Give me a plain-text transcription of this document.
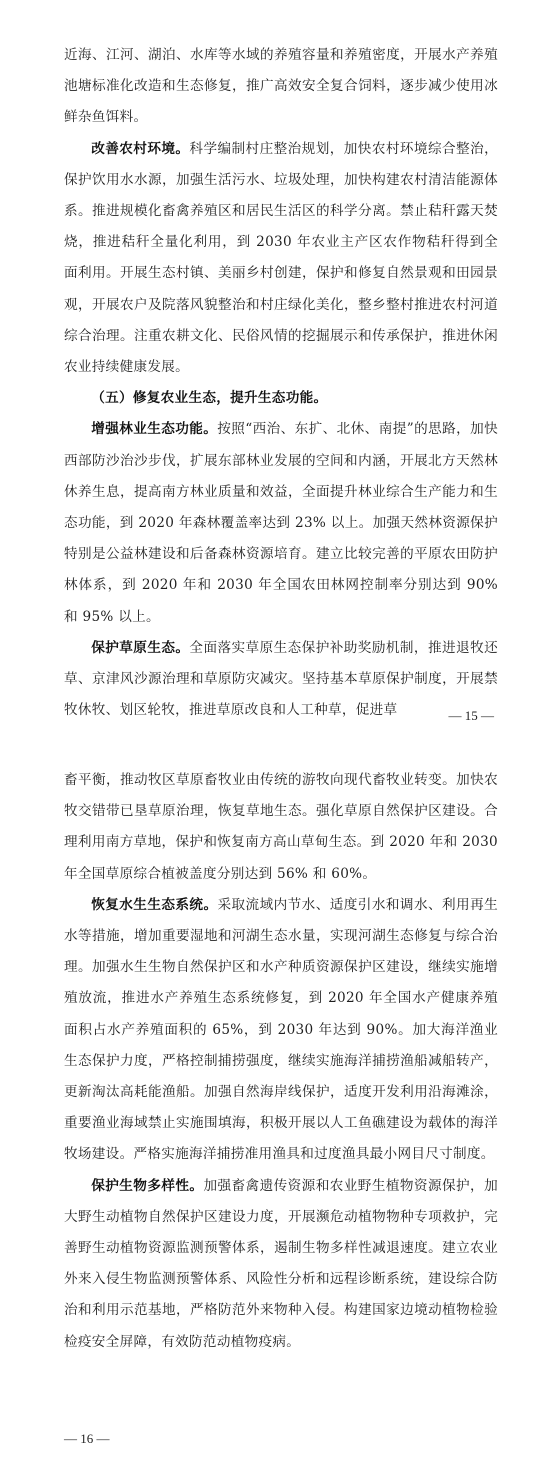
近海、江河、湖泊、水库等水域的养殖容量和养殖密度，开展水产养殖池塘标准化改造和生态修复，推广高效安全复合饲料，逐步减少使用冰鲜杂鱼饵料。

改善农村环境。科学编制村庄整治规划，加快农村环境综合整治，保护饮用水水源，加强生活污水、垃圾处理，加快构建农村清洁能源体系。推进规模化畜禽养殖区和居民生活区的科学分离。禁止秸秆露天焚烧，推进秸秆全量化利用，到 2030 年农业主产区农作物秸秆得到全面利用。开展生态村镇、美丽乡村创建，保护和修复自然景观和田园景观，开展农户及院落风貌整治和村庄绿化美化，整乡整村推进农村河道综合治理。注重农耕文化、民俗风情的挖掘展示和传承保护，推进休闲农业持续健康发展。

（五）修复农业生态，提升生态功能。

增强林业生态功能。按照“西治、东扩、北休、南提”的思路，加快西部防沙治沙步伐，扩展东部林业发展的空间和内涵，开展北方天然林休养生息，提高南方林业质量和效益，全面提升林业综合生产能力和生态功能，到 2020 年森林覆盖率达到 23% 以上。加强天然林资源保护特别是公益林建设和后备森林资源培育。建立比较完善的平原农田防护林体系，到 2020 年和 2030 年全国农田林网控制率分别达到 90% 和 95% 以上。

保护草原生态。全面落实草原生态保护补助奖励机制，推进退牧还草、京津风沙源治理和草原防灾减灾。坚持基本草原保护制度，开展禁牧休牧、划区轮牧，推进草原改良和人工种草，促进草	— 15 —

畜平衡，推动牧区草原畜牧业由传统的游牧向现代畜牧业转变。加快农牧交错带已垦草原治理，恢复草地生态。强化草原自然保护区建设。合理利用南方草地，保护和恢复南方高山草甸生态。到 2020 年和 2030 年全国草原综合植被盖度分别达到 56% 和 60%。

恢复水生生态系统。采取流域内节水、适度引水和调水、利用再生水等措施，增加重要湿地和河湖生态水量，实现河湖生态修复与综合治理。加强水生生物自然保护区和水产种质资源保护区建设，继续实施增殖放流，推进水产养殖生态系统修复，到 2020 年全国水产健康养殖面积占水产养殖面积的 65%，到 2030 年达到 90%。加大海洋渔业生态保护力度，严格控制捕捞强度，继续实施海洋捕捞渔船减船转产，更新淘汰高耗能渔船。加强自然海岸线保护，适度开发利用沿海滩涂，重要渔业海域禁止实施围填海，积极开展以人工鱼礁建设为载体的海洋牧场建设。严格实施海洋捕捞准用渔具和过度渔具最小网目尺寸制度。

保护生物多样性。加强畜禽遗传资源和农业野生植物资源保护，加大野生动植物自然保护区建设力度，开展濒危动植物物种专项救护，完善野生动植物资源监测预警体系，遏制生物多样性减退速度。建立农业外来入侵生物监测预警体系、风险性分析和远程诊断系统，建设综合防治和利用示范基地，严格防范外来物种入侵。构建国家边境动植物检验检疫安全屏障，有效防范动植物疫病。

— 16 —
